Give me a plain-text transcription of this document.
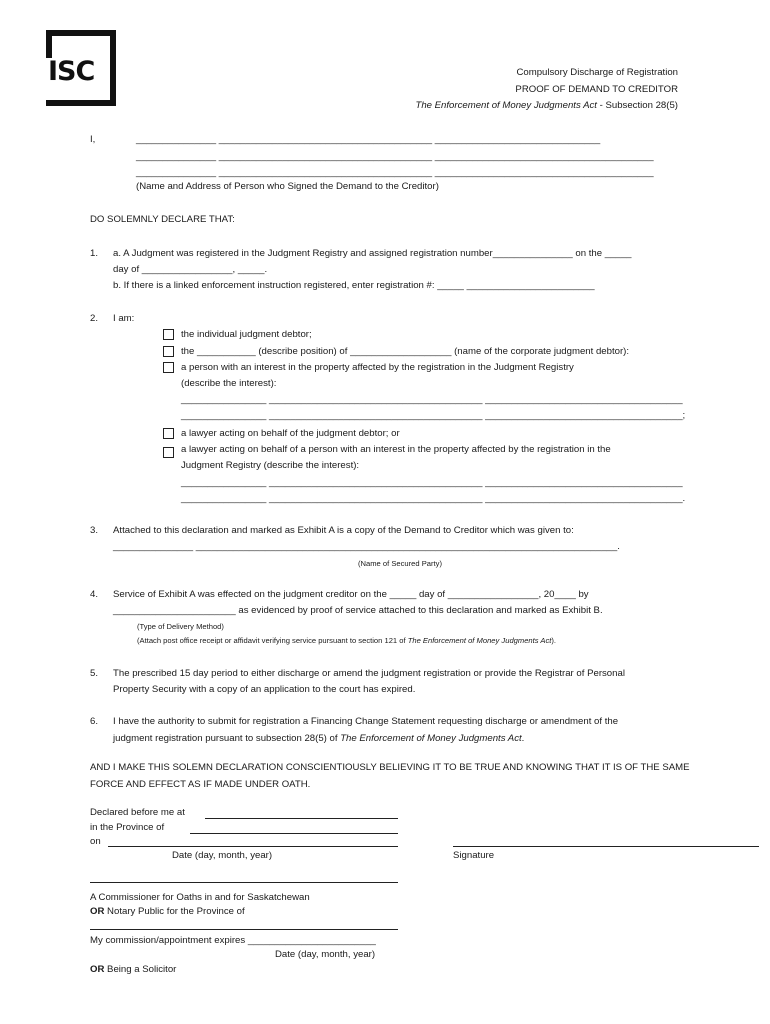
ISC	Compulsory Discharge of Registration
PROOF OF DEMAND TO CREDITOR
The Enforcement of Money Judgments Act - Subsection 28(5)
I,	_______________ ________________________________________ _______________________________
_______________ ________________________________________ _________________________________________
_______________ ________________________________________ _________________________________________
(Name and Address of Person who Signed the Demand to the Creditor)
DO SOLEMNLY DECLARE THAT:
1. a. A Judgment was registered in the Judgment Registry and assigned registration number_______________ on the _____
day of _________________, _____.
b. If there is a linked enforcement instruction registered, enter registration #: _____ ________________________
2. I am:
the individual judgment debtor;
the ___________ (describe position) of ___________________ (name of the corporate judgment debtor):
a person with an interest in the property affected by the registration in the Judgment Registry
(describe the interest):
________________ ________________________________________ _____________________________________
________________ ________________________________________ _____________________________________;
a lawyer acting on behalf of the judgment debtor; or
a lawyer acting on behalf of a person with an interest in the property affected by the registration in the
Judgment Registry (describe the interest):
________________ ________________________________________ _____________________________________
________________ ________________________________________ _____________________________________.
3. Attached to this declaration and marked as Exhibit A is a copy of the Demand to Creditor which was given to:
_______________ _______________________________________________________________________________.
(Name of Secured Party)
4. Service of Exhibit A was effected on the judgment creditor on the _____ day of _________________, 20____ by
_______________________ as evidenced by proof of service attached to this declaration and marked as Exhibit B.
(Type of Delivery Method)
(Attach post office receipt or affidavit verifying service pursuant to section 121 of The Enforcement of Money Judgments Act).
5. The prescribed 15 day period to either discharge or amend the judgment registration or provide the Registrar of Personal
Property Security with a copy of an application to the court has expired.
6. I have the authority to submit for registration a Financing Change Statement requesting discharge or amendment of the
judgment registration pursuant to subsection 28(5) of The Enforcement of Money Judgments Act.
AND I MAKE THIS SOLEMN DECLARATION CONSCIENTIOUSLY BELIEVING IT TO BE TRUE AND KNOWING THAT IT IS OF THE SAME
FORCE AND EFFECT AS IF MADE UNDER OATH.
Declared before me at
in the Province of
on
Date (day, month, year)	Signature
A Commissioner for Oaths in and for Saskatchewan
OR Notary Public for the Province of
My commission/appointment expires ________________________
Date (day, month, year)
OR Being a Solicitor
